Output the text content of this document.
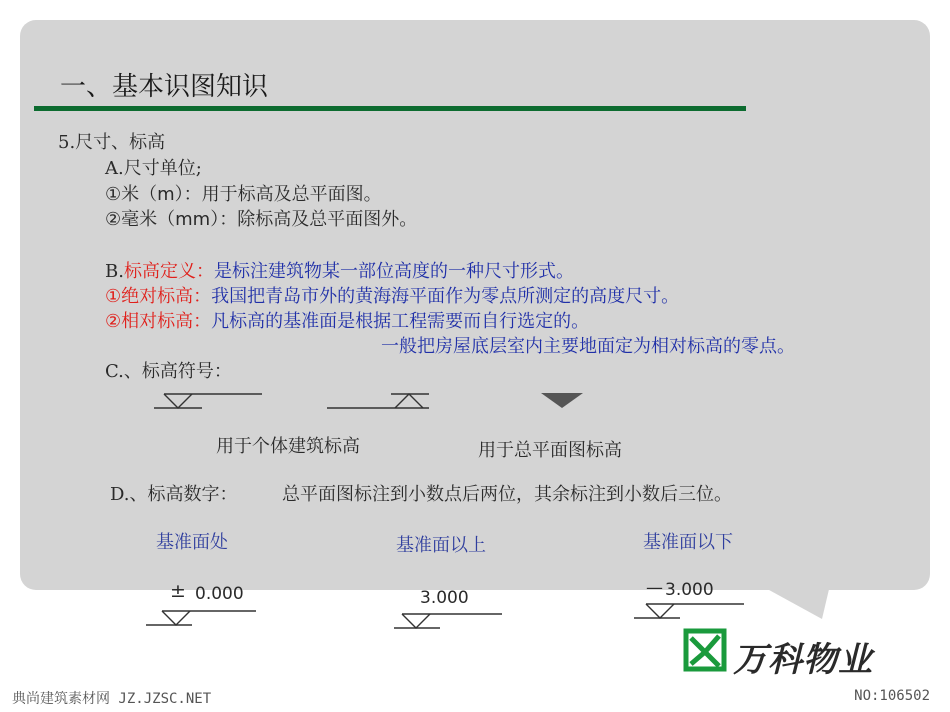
一、基本识图知识
5.尺寸、标高
A.尺寸单位;
①米（m）：用于标高及总平面图。
②毫米（mm）：除标高及总平面图外。
B.标高定义：是标注建筑物某一部位高度的一种尺寸形式。
①绝对标高：我国把青岛市外的黄海海平面作为零点所测定的高度尺寸。
②相对标高：凡标高的基准面是根据工程需要而自行选定的。
一般把房屋底层室内主要地面定为相对标高的零点。
C.、标高符号：
用于个体建筑标高	用于总平面图标高
D.、标高数字： 总平面图标注到小数点后两位，其余标注到小数后三位。
基准面处	基准面以上	基准面以下
± 0.000	3.000	— 3.000
万科物业
典尚建筑素材网 JZ.JZSC.NET	NO:106502
